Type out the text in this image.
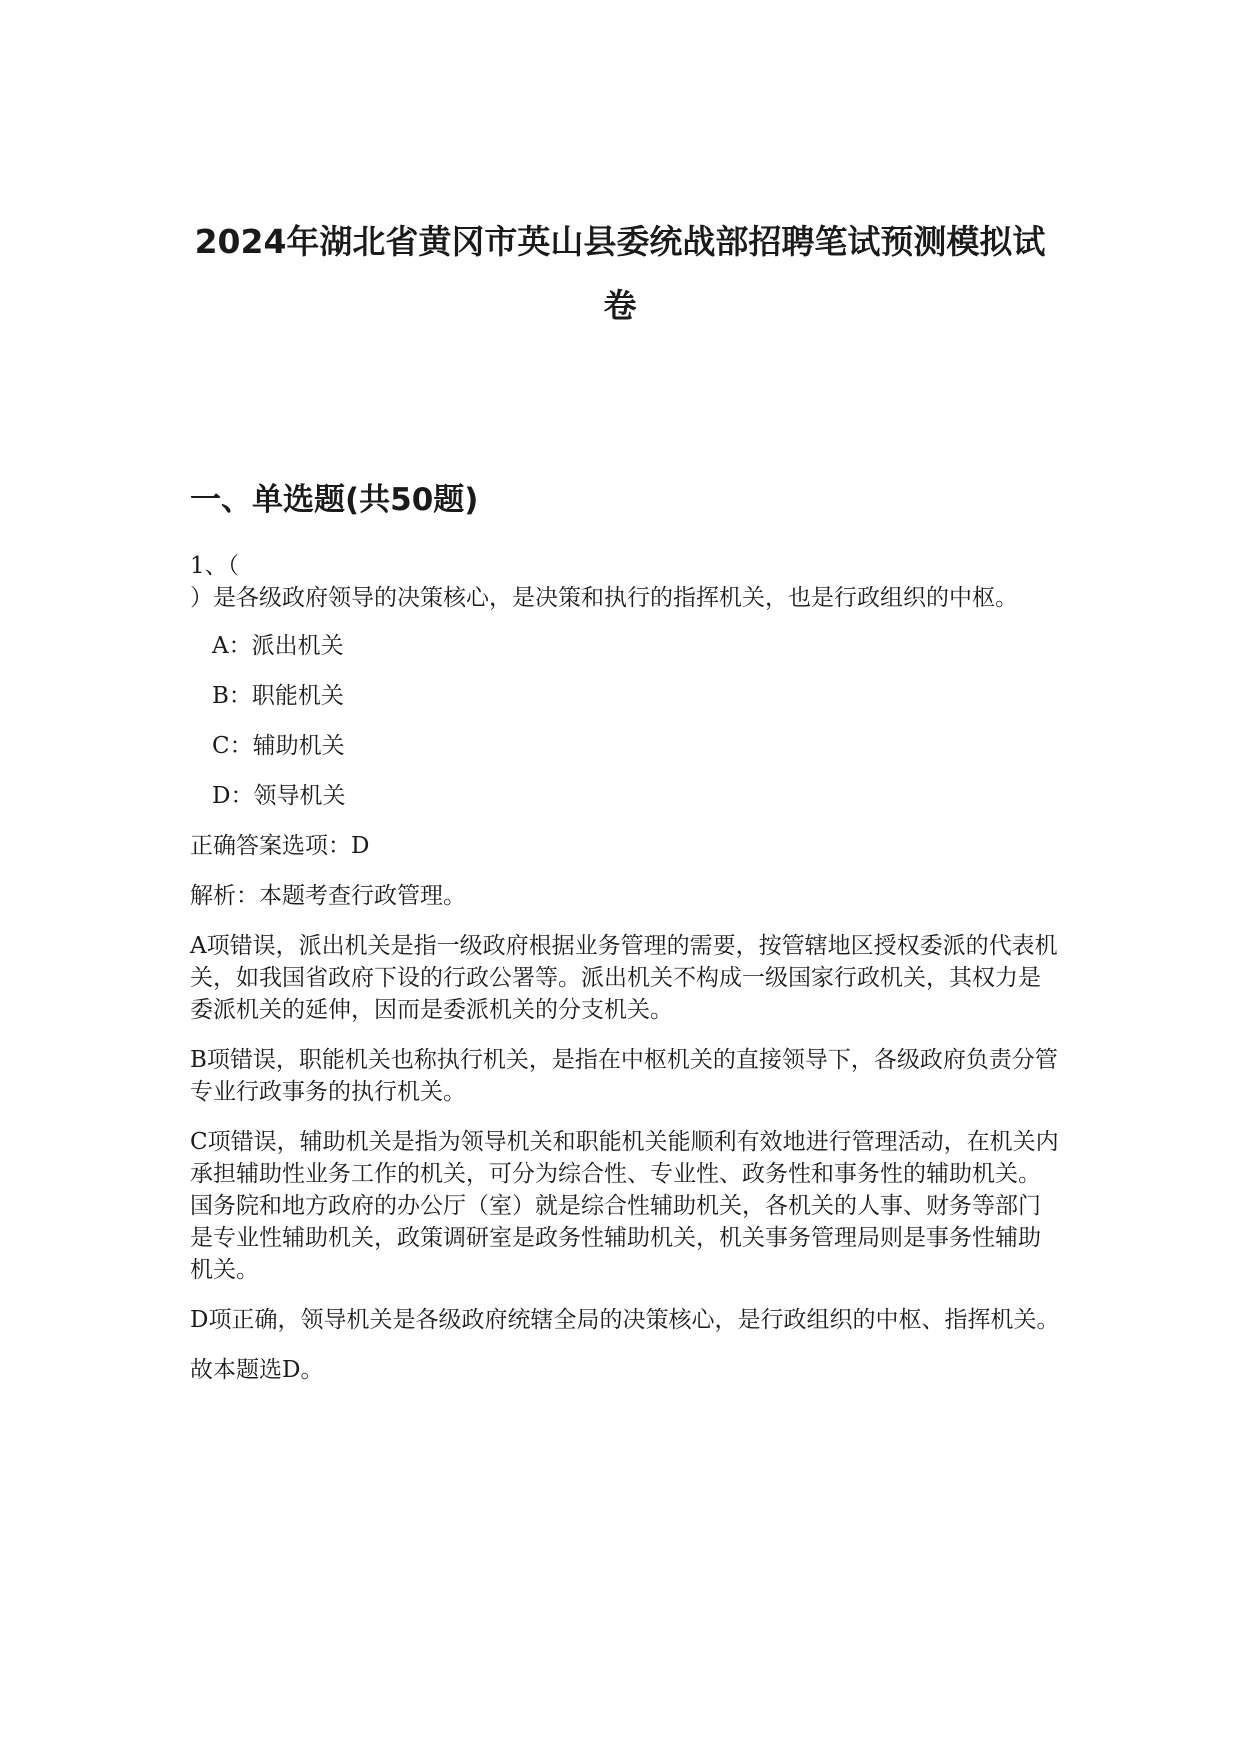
2024年湖北省黄冈市英山县委统战部招聘笔试预测模拟试卷
一、单选题(共50题)

1、（

）是各级政府领导的决策核心，是决策和执行的指挥机关，也是行政组织的中枢。

A：派出机关
B：职能机关
C：辅助机关
D：领导机关

正确答案选项：D

解析：本题考查行政管理。

A项错误，派出机关是指一级政府根据业务管理的需要，按管辖地区授权委派的代表机关，如我国省政府下设的行政公署等。派出机关不构成一级国家行政机关，其权力是委派机关的延伸，因而是委派机关的分支机关。

B项错误，职能机关也称执行机关，是指在中枢机关的直接领导下，各级政府负责分管专业行政事务的执行机关。

C项错误，辅助机关是指为领导机关和职能机关能顺利有效地进行管理活动，在机关内承担辅助性业务工作的机关，可分为综合性、专业性、政务性和事务性的辅助机关。国务院和地方政府的办公厅（室）就是综合性辅助机关，各机关的人事、财务等部门是专业性辅助机关，政策调研室是政务性辅助机关，机关事务管理局则是事务性辅助机关。

D项正确，领导机关是各级政府统辖全局的决策核心，是行政组织的中枢、指挥机关。

故本题选D。
